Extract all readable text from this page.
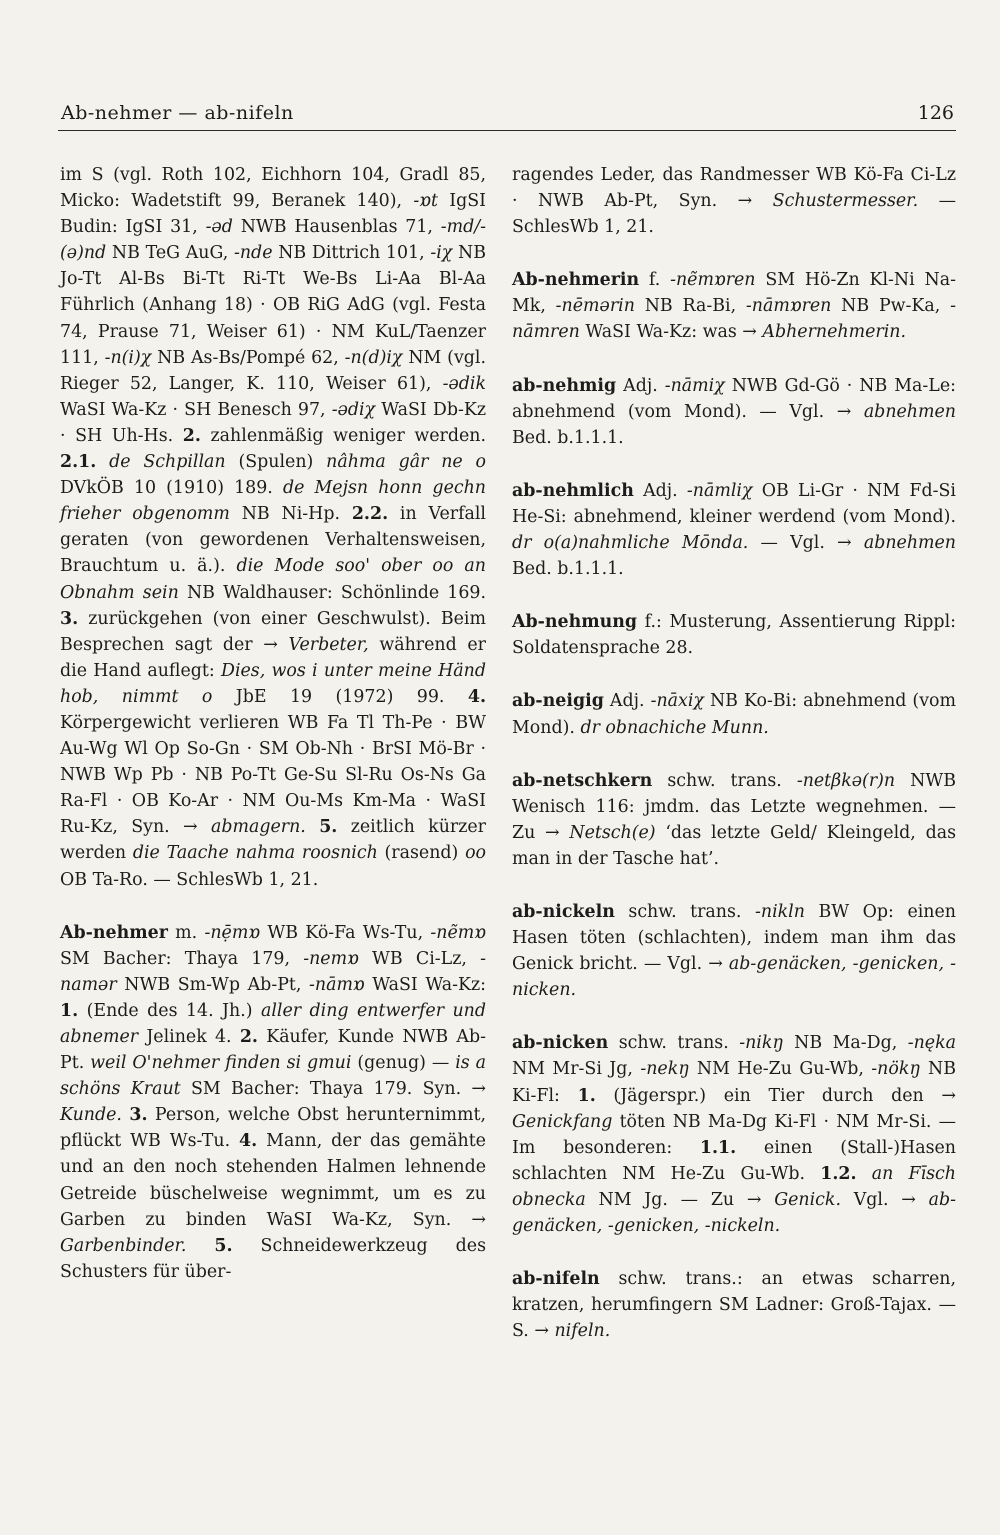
Ab-nehmer — ab-nifeln	126

im S (vgl. Roth 102, Eichhorn 104, Gradl 85, Micko: Wadetstift 99, Beranek 140), -ɒt IgSI Budin: IgSI 31, -əd NWB Hausenblas 71, -md/-(ə)nd NB TeG AuG, -nde NB Dittrich 101, -iχ NB Jo-Tt Al-Bs Bi-Tt Ri-Tt We-Bs Li-Aa Bl-Aa Führlich (Anhang 18) · OB RiG AdG (vgl. Festa 74, Prause 71, Weiser 61) · NM KuL/Taenzer 111, -n(i)χ NB As-Bs/Pompé 62, -n(d)iχ NM (vgl. Rieger 52, Langer, K. 110, Weiser 61), -ədik WaSI Wa-Kz · SH Benesch 97, -ədiχ WaSI Db-Kz · SH Uh-Hs. 2. zahlenmäßig weniger werden. 2.1. de Schpillan (Spulen) nâhma gâr ne o DVkÖB 10 (1910) 189. de Mejsn honn gechn frieher obgenomm NB Ni-Hp. 2.2. in Verfall geraten (von gewordenen Verhaltensweisen, Brauchtum u. ä.). die Mode soo' ober oo an Obnahm sein NB Waldhauser: Schönlinde 169. 3. zurückgehen (von einer Geschwulst). Beim Besprechen sagt der → Verbeter, während er die Hand auflegt: Dies, wos i unter meine Händ hob, nimmt o JbE 19 (1972) 99. 4. Körpergewicht verlieren WB Fa Tl Th-Pe · BW Au-Wg Wl Op So-Gn · SM Ob-Nh · BrSI Mö-Br · NWB Wp Pb · NB Po-Tt Ge-Su Sl-Ru Os-Ns Ga Ra-Fl · OB Ko-Ar · NM Ou-Ms Km-Ma · WaSI Ru-Kz, Syn. → abmagern. 5. zeitlich kürzer werden die Taache nahma roosnich (rasend) oo OB Ta-Ro. — SchlesWb 1, 21.

Ab-nehmer m. -nẹ̄mɒ WB Kö-Fa Ws-Tu, -nẽmɒ SM Bacher: Thaya 179, -nemɒ WB Ci-Lz, -namər NWB Sm-Wp Ab-Pt, -nāmɒ WaSI Wa-Kz: 1. (Ende des 14. Jh.) aller ding entwerfer und abnemer Jelinek 4. 2. Käufer, Kunde NWB Ab-Pt. weil O'nehmer finden si gmui (genug) — is a schöns Kraut SM Bacher: Thaya 179. Syn. → Kunde. 3. Person, welche Obst herunternimmt, pflückt WB Ws-Tu. 4. Mann, der das gemähte und an den noch stehenden Halmen lehnende Getreide büschelweise wegnimmt, um es zu Garben zu binden WaSI Wa-Kz, Syn. → Garbenbinder. 5. Schneidewerkzeug des Schusters für über-

ragendes Leder, das Randmesser WB Kö-Fa Ci-Lz · NWB Ab-Pt, Syn. → Schustermesser. — SchlesWb 1, 21.

Ab-nehmerin f. -nẽmɒren SM Hö-Zn Kl-Ni Na-Mk, -nēmərin NB Ra-Bi, -nāmɒren NB Pw-Ka, -nāmren WaSI Wa-Kz: was → Abhernehmerin.

ab-nehmig Adj. -nāmiχ NWB Gd-Gö · NB Ma-Le: abnehmend (vom Mond). — Vgl. → abnehmen Bed. b.1.1.1.

ab-nehmlich Adj. -nāmliχ OB Li-Gr · NM Fd-Si He-Si: abnehmend, kleiner werdend (vom Mond). dr o(a)nahmliche Mōnda. — Vgl. → abnehmen Bed. b.1.1.1.

Ab-nehmung f.: Musterung, Assentierung Rippl: Soldatensprache 28.

ab-neigig Adj. -nāxiχ NB Ko-Bi: abnehmend (vom Mond). dr obnachiche Munn.

ab-netschkern schw. trans. -netβkə(r)n NWB Wenisch 116: jmdm. das Letzte wegnehmen. — Zu → Netsch(e) ‘das letzte Geld/ Kleingeld, das man in der Tasche hat’.

ab-nickeln schw. trans. -nikln BW Op: einen Hasen töten (schlachten), indem man ihm das Genick bricht. — Vgl. → ab-genäcken, -genicken, -nicken.

ab-nicken schw. trans. -nikŋ NB Ma-Dg, -nęka NM Mr-Si Jg, -nekŋ NM He-Zu Gu-Wb, -nökŋ NB Ki-Fl: 1. (Jägerspr.) ein Tier durch den → Genickfang töten NB Ma-Dg Ki-Fl · NM Mr-Si. — Im besonderen: 1.1. einen (Stall-)Hasen schlachten NM He-Zu Gu-Wb. 1.2. an Fīsch obnecka NM Jg. — Zu → Genick. Vgl. → ab-genäcken, -genicken, -nickeln.

ab-nifeln schw. trans.: an etwas scharren, kratzen, herumfingern SM Ladner: Groß-Tajax. — S. → nifeln.
